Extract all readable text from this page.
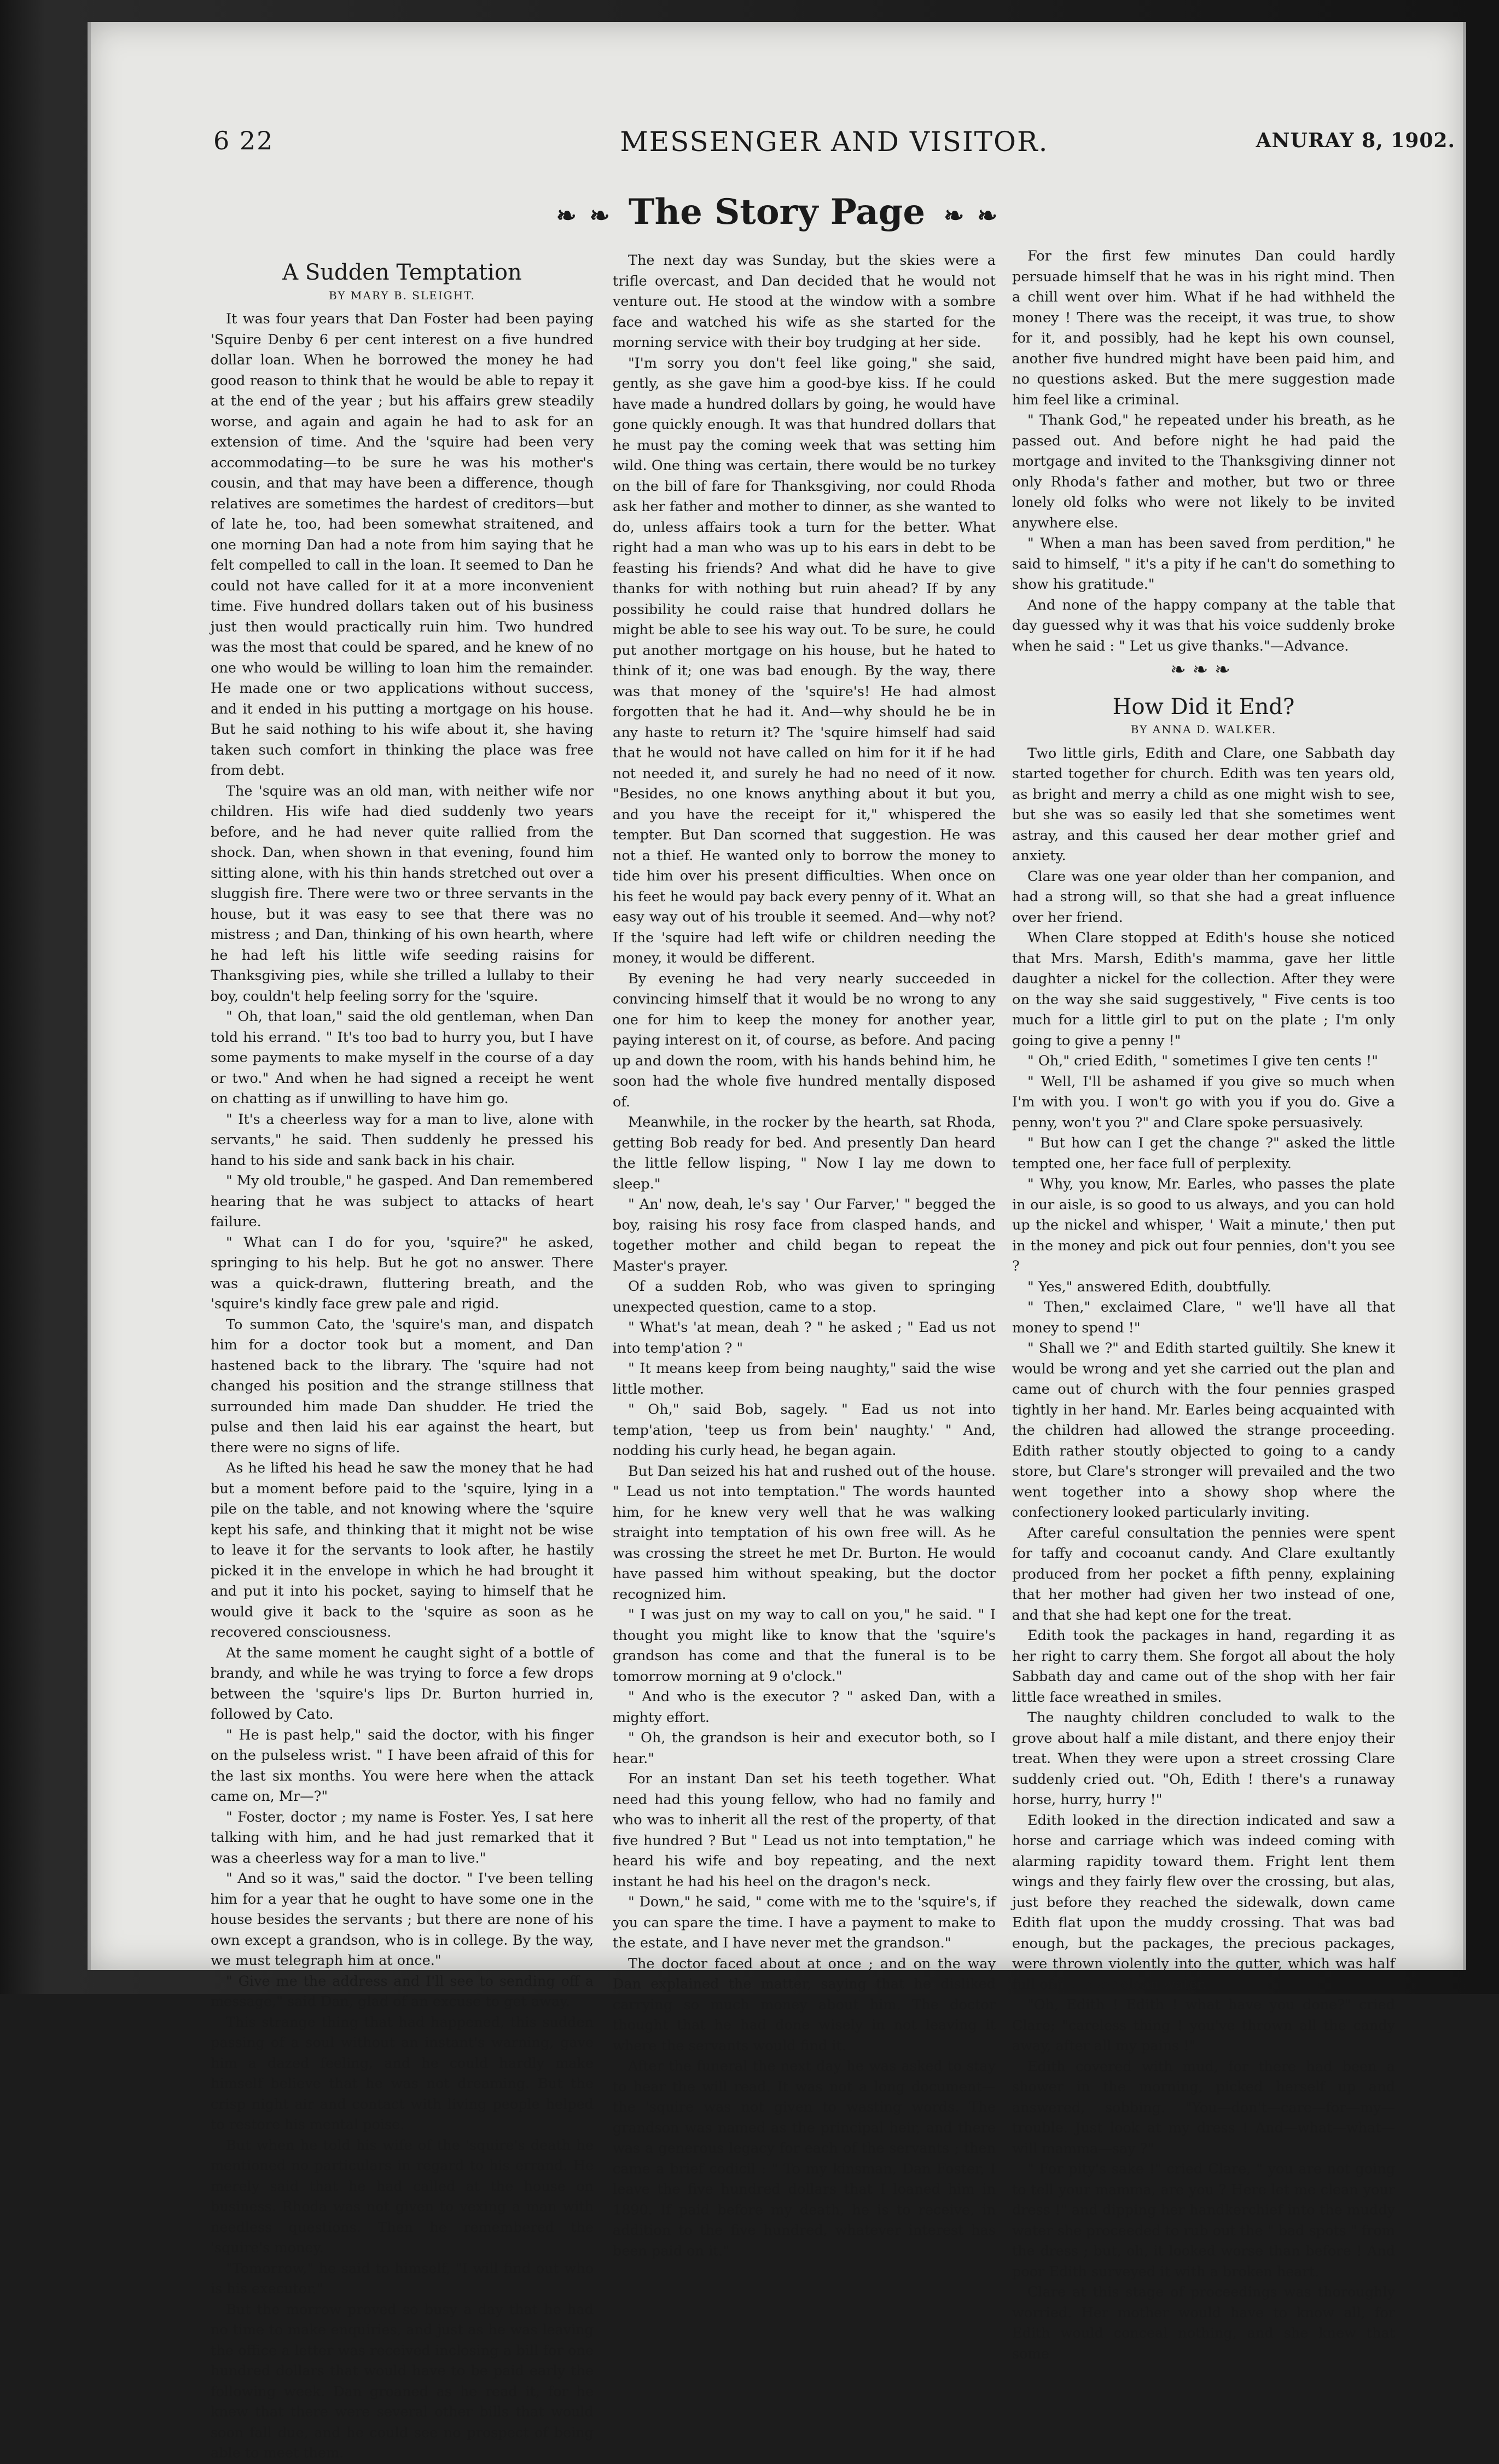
6 22	MESSENGER AND VISITOR.	ANURAY 8, 1902.
❧ ❧ The Story Page ❧ ❧
A Sudden Temptation
BY MARY B. SLEIGHT.

It was four years that Dan Foster had been paying 'Squire Denby 6 per cent interest on a five hundred dollar loan. When he borrowed the money he had good reason to think that he would be able to repay it at the end of the year ; but his affairs grew steadily worse, and again and again he had to ask for an extension of time. And the 'squire had been very accommodating—to be sure he was his mother's cousin, and that may have been a difference, though relatives are sometimes the hardest of creditors—but of late he, too, had been somewhat straitened, and one morning Dan had a note from him saying that he felt compelled to call in the loan. It seemed to Dan he could not have called for it at a more inconvenient time. Five hundred dollars taken out of his business just then would practically ruin him. Two hundred was the most that could be spared, and he knew of no one who would be willing to loan him the remainder. He made one or two applications without success, and it ended in his putting a mortgage on his house. But he said nothing to his wife about it, she having taken such comfort in thinking the place was free from debt.

The 'squire was an old man, with neither wife nor children. His wife had died suddenly two years before, and he had never quite rallied from the shock. Dan, when shown in that evening, found him sitting alone, with his thin hands stretched out over a sluggish fire. There were two or three servants in the house, but it was easy to see that there was no mistress ; and Dan, thinking of his own hearth, where he had left his little wife seeding raisins for Thanksgiving pies, while she trilled a lullaby to their boy, couldn't help feeling sorry for the 'squire.

" Oh, that loan," said the old gentleman, when Dan told his errand. " It's too bad to hurry you, but I have some payments to make myself in the course of a day or two." And when he had signed a receipt he went on chatting as if unwilling to have him go.

" It's a cheerless way for a man to live, alone with servants," he said. Then suddenly he pressed his hand to his side and sank back in his chair.

" My old trouble," he gasped. And Dan remembered hearing that he was subject to attacks of heart failure.

" What can I do for you, 'squire?" he asked, springing to his help. But he got no answer. There was a quick-drawn, fluttering breath, and the 'squire's kindly face grew pale and rigid.

To summon Cato, the 'squire's man, and dispatch him for a doctor took but a moment, and Dan hastened back to the library. The 'squire had not changed his position and the strange stillness that surrounded him made Dan shudder. He tried the pulse and then laid his ear against the heart, but there were no signs of life.

As he lifted his head he saw the money that he had but a moment before paid to the 'squire, lying in a pile on the table, and not knowing where the 'squire kept his safe, and thinking that it might not be wise to leave it for the servants to look after, he hastily picked it in the envelope in which he had brought it and put it into his pocket, saying to himself that he would give it back to the 'squire as soon as he recovered consciousness.

At the same moment he caught sight of a bottle of brandy, and while he was trying to force a few drops between the 'squire's lips Dr. Burton hurried in, followed by Cato.

" He is past help," said the doctor, with his finger on the pulseless wrist. " I have been afraid of this for the last six months. You were here when the attack came on, Mr—?"

" Foster, doctor ; my name is Foster. Yes, I sat here talking with him, and he had just remarked that it was a cheerless way for a man to live."

" And so it was," said the doctor. " I've been telling him for a year that he ought to have some one in the house besides the servants ; but there are none of his own except a grandson, who is in college. By the way, we must telegraph him at once."

" Give me the address and I'll see to sending off a message," said Dan, glad of an excuse to get away.

This strange thing that had happened, this sudden passing of a soul without an instant's warning, gave him a dazed feeling, and he could hardly make himself believe that he was not dreaming. But the crisp night air and contact with living people helped to restore his mental poise.

But when he told his wife of the 'squire's death he mentioned no particulars in regard to his errand. He merely said that he had called at the house on business. Rhoda was not given to vexing a man with needless questions. Then he remembered the 'squire's money.

"Tomorrow," he said to himself, "I will find out who is his executor."

But the morrow proved so busy a day that he had no time to make enquiries, and just as he was leaving the office a letter was received inclosing a bill for one hundred dollars that would have to be paid early the following week. Dan groaned as he read it, for he knew that there were several other bills that would soon fall due, and he could see no prospect of being able to meet them.

The next day was Sunday, but the skies were a trifle overcast, and Dan decided that he would not venture out. He stood at the window with a sombre face and watched his wife as she started for the morning service with their boy trudging at her side.

"I'm sorry you don't feel like going," she said, gently, as she gave him a good-bye kiss. If he could have made a hundred dollars by going, he would have gone quickly enough. It was that hundred dollars that he must pay the coming week that was setting him wild. One thing was certain, there would be no turkey on the bill of fare for Thanksgiving, nor could Rhoda ask her father and mother to dinner, as she wanted to do, unless affairs took a turn for the better. What right had a man who was up to his ears in debt to be feasting his friends? And what did he have to give thanks for with nothing but ruin ahead? If by any possibility he could raise that hundred dollars he might be able to see his way out. To be sure, he could put another mortgage on his house, but he hated to think of it; one was bad enough. By the way, there was that money of the 'squire's! He had almost forgotten that he had it. And—why should he be in any haste to return it? The 'squire himself had said that he would not have called on him for it if he had not needed it, and surely he had no need of it now. "Besides, no one knows anything about it but you, and you have the receipt for it," whispered the tempter. But Dan scorned that suggestion. He was not a thief. He wanted only to borrow the money to tide him over his present difficulties. When once on his feet he would pay back every penny of it. What an easy way out of his trouble it seemed. And—why not? If the 'squire had left wife or children needing the money, it would be different.

By evening he had very nearly succeeded in convincing himself that it would be no wrong to any one for him to keep the money for another year, paying interest on it, of course, as before. And pacing up and down the room, with his hands behind him, he soon had the whole five hundred mentally disposed of.

Meanwhile, in the rocker by the hearth, sat Rhoda, getting Bob ready for bed. And presently Dan heard the little fellow lisping, " Now I lay me down to sleep."

" An' now, deah, le's say ' Our Farver,' " begged the boy, raising his rosy face from clasped hands, and together mother and child began to repeat the Master's prayer.

Of a sudden Rob, who was given to springing unexpected question, came to a stop.

" What's 'at mean, deah ? " he asked ; " Ead us not into temp'ation ? "

" It means keep from being naughty," said the wise little mother.

" Oh," said Bob, sagely. " Ead us not into temp'ation, 'teep us from bein' naughty.' " And, nodding his curly head, he began again.

But Dan seized his hat and rushed out of the house. " Lead us not into temptation." The words haunted him, for he knew very well that he was walking straight into temptation of his own free will. As he was crossing the street he met Dr. Burton. He would have passed him without speaking, but the doctor recognized him.

" I was just on my way to call on you," he said. " I thought you might like to know that the 'squire's grandson has come and that the funeral is to be tomorrow morning at 9 o'clock."

" And who is the executor ? " asked Dan, with a mighty effort.

" Oh, the grandson is heir and executor both, so I hear."

For an instant Dan set his teeth together. What need had this young fellow, who had no family and who was to inherit all the rest of the property, of that five hundred ? But " Lead us not into temptation," he heard his wife and boy repeating, and the next instant he had his heel on the dragon's neck.

" Down," he said, " come with me to the 'squire's, if you can spare the time. I have a payment to make to the estate, and I have never met the grandson."

The doctor faced about at once ; and on the way Dan explained the matter, saying that he disliked carrying so much money about him. The doctor thought that he had done wisely in not leaving it where the servants would find it.

After the funeral the next day he was asked to stay to hear the will read. It was not a long document—the 'squire was not given to wasting words. The grandson was named as the principal heir, and there was a generous legacy for each of the servants ; then came a brief codicil : " To my kinsman, Dan Foster, I leave the five hundred dollars that I loaned him in 1890. If paid before my death, he is to receive, in addition to the five hundred, whatever interest has been paid on it."

For the first few minutes Dan could hardly persuade himself that he was in his right mind. Then a chill went over him. What if he had withheld the money ! There was the receipt, it was true, to show for it, and possibly, had he kept his own counsel, another five hundred might have been paid him, and no questions asked. But the mere suggestion made him feel like a criminal.

" Thank God," he repeated under his breath, as he passed out. And before night he had paid the mortgage and invited to the Thanksgiving dinner not only Rhoda's father and mother, but two or three lonely old folks who were not likely to be invited anywhere else.

" When a man has been saved from perdition," he said to himself, " it's a pity if he can't do something to show his gratitude."

And none of the happy company at the table that day guessed why it was that his voice suddenly broke when he said : " Let us give thanks."—Advance.

❧❧❧
How Did it End?
BY ANNA D. WALKER.

Two little girls, Edith and Clare, one Sabbath day started together for church. Edith was ten years old, as bright and merry a child as one might wish to see, but she was so easily led that she sometimes went astray, and this caused her dear mother grief and anxiety.

Clare was one year older than her companion, and had a strong will, so that she had a great influence over her friend.

When Clare stopped at Edith's house she noticed that Mrs. Marsh, Edith's mamma, gave her little daughter a nickel for the collection. After they were on the way she said suggestively, " Five cents is too much for a little girl to put on the plate ; I'm only going to give a penny !"

" Oh," cried Edith, " sometimes I give ten cents !"

" Well, I'll be ashamed if you give so much when I'm with you. I won't go with you if you do. Give a penny, won't you ?" and Clare spoke persuasively.

" But how can I get the change ?" asked the little tempted one, her face full of perplexity.

" Why, you know, Mr. Earles, who passes the plate in our aisle, is so good to us always, and you can hold up the nickel and whisper, ' Wait a minute,' then put in the money and pick out four pennies, don't you see ?

" Yes," answered Edith, doubtfully.

" Then," exclaimed Clare, " we'll have all that money to spend !"

" Shall we ?" and Edith started guiltily. She knew it would be wrong and yet she carried out the plan and came out of church with the four pennies grasped tightly in her hand. Mr. Earles being acquainted with the children had allowed the strange proceeding. Edith rather stoutly objected to going to a candy store, but Clare's stronger will prevailed and the two went together into a showy shop where the confectionery looked particularly inviting.

After careful consultation the pennies were spent for taffy and cocoanut candy. And Clare exultantly produced from her pocket a fifth penny, explaining that her mother had given her two instead of one, and that she had kept one for the treat.

Edith took the packages in hand, regarding it as her right to carry them. She forgot all about the holy Sabbath day and came out of the shop with her fair little face wreathed in smiles.

The naughty children concluded to walk to the grove about half a mile distant, and there enjoy their treat. When they were upon a street crossing Clare suddenly cried out. "Oh, Edith ! there's a runaway horse, hurry, hurry !"

Edith looked in the direction indicated and saw a horse and carriage which was indeed coming with alarming rapidity toward them. Fright lent them wings and they fairly flew over the crossing, but alas, just before they reached the sidewalk, down came Edith flat upon the muddy crossing. That was bad enough, but the packages, the precious packages, were thrown violently into the gutter, which was half full of not over-clean water.

"Oh, Edith ! Edith ! what have you done?" cried Clare; "careless thing ! you've thrown all the candy away, after all my pains !"

Edith covered with mud, for there had been a shower in the morning, picked herself up and answered, sobbing. "You—don't—care—for—my—trouble. Just look at my dress ! And—what—what—will mamma—say ?"

" For pity's sake !" cried Clare, " you are not going to tell your mamma, are you ? Here let me clean your dress !" and dipping her handkerchief into the muddy water she proceeded to rub out the " bad spots " from the dress ; but, oh, it looked worse than before ! And poor Edith surveyed it with a broken heart.

Clare at this stage of proceedings was thoroughly worried. Her mother would have to know all, for Edith would conceal nothing, and she knew that some
